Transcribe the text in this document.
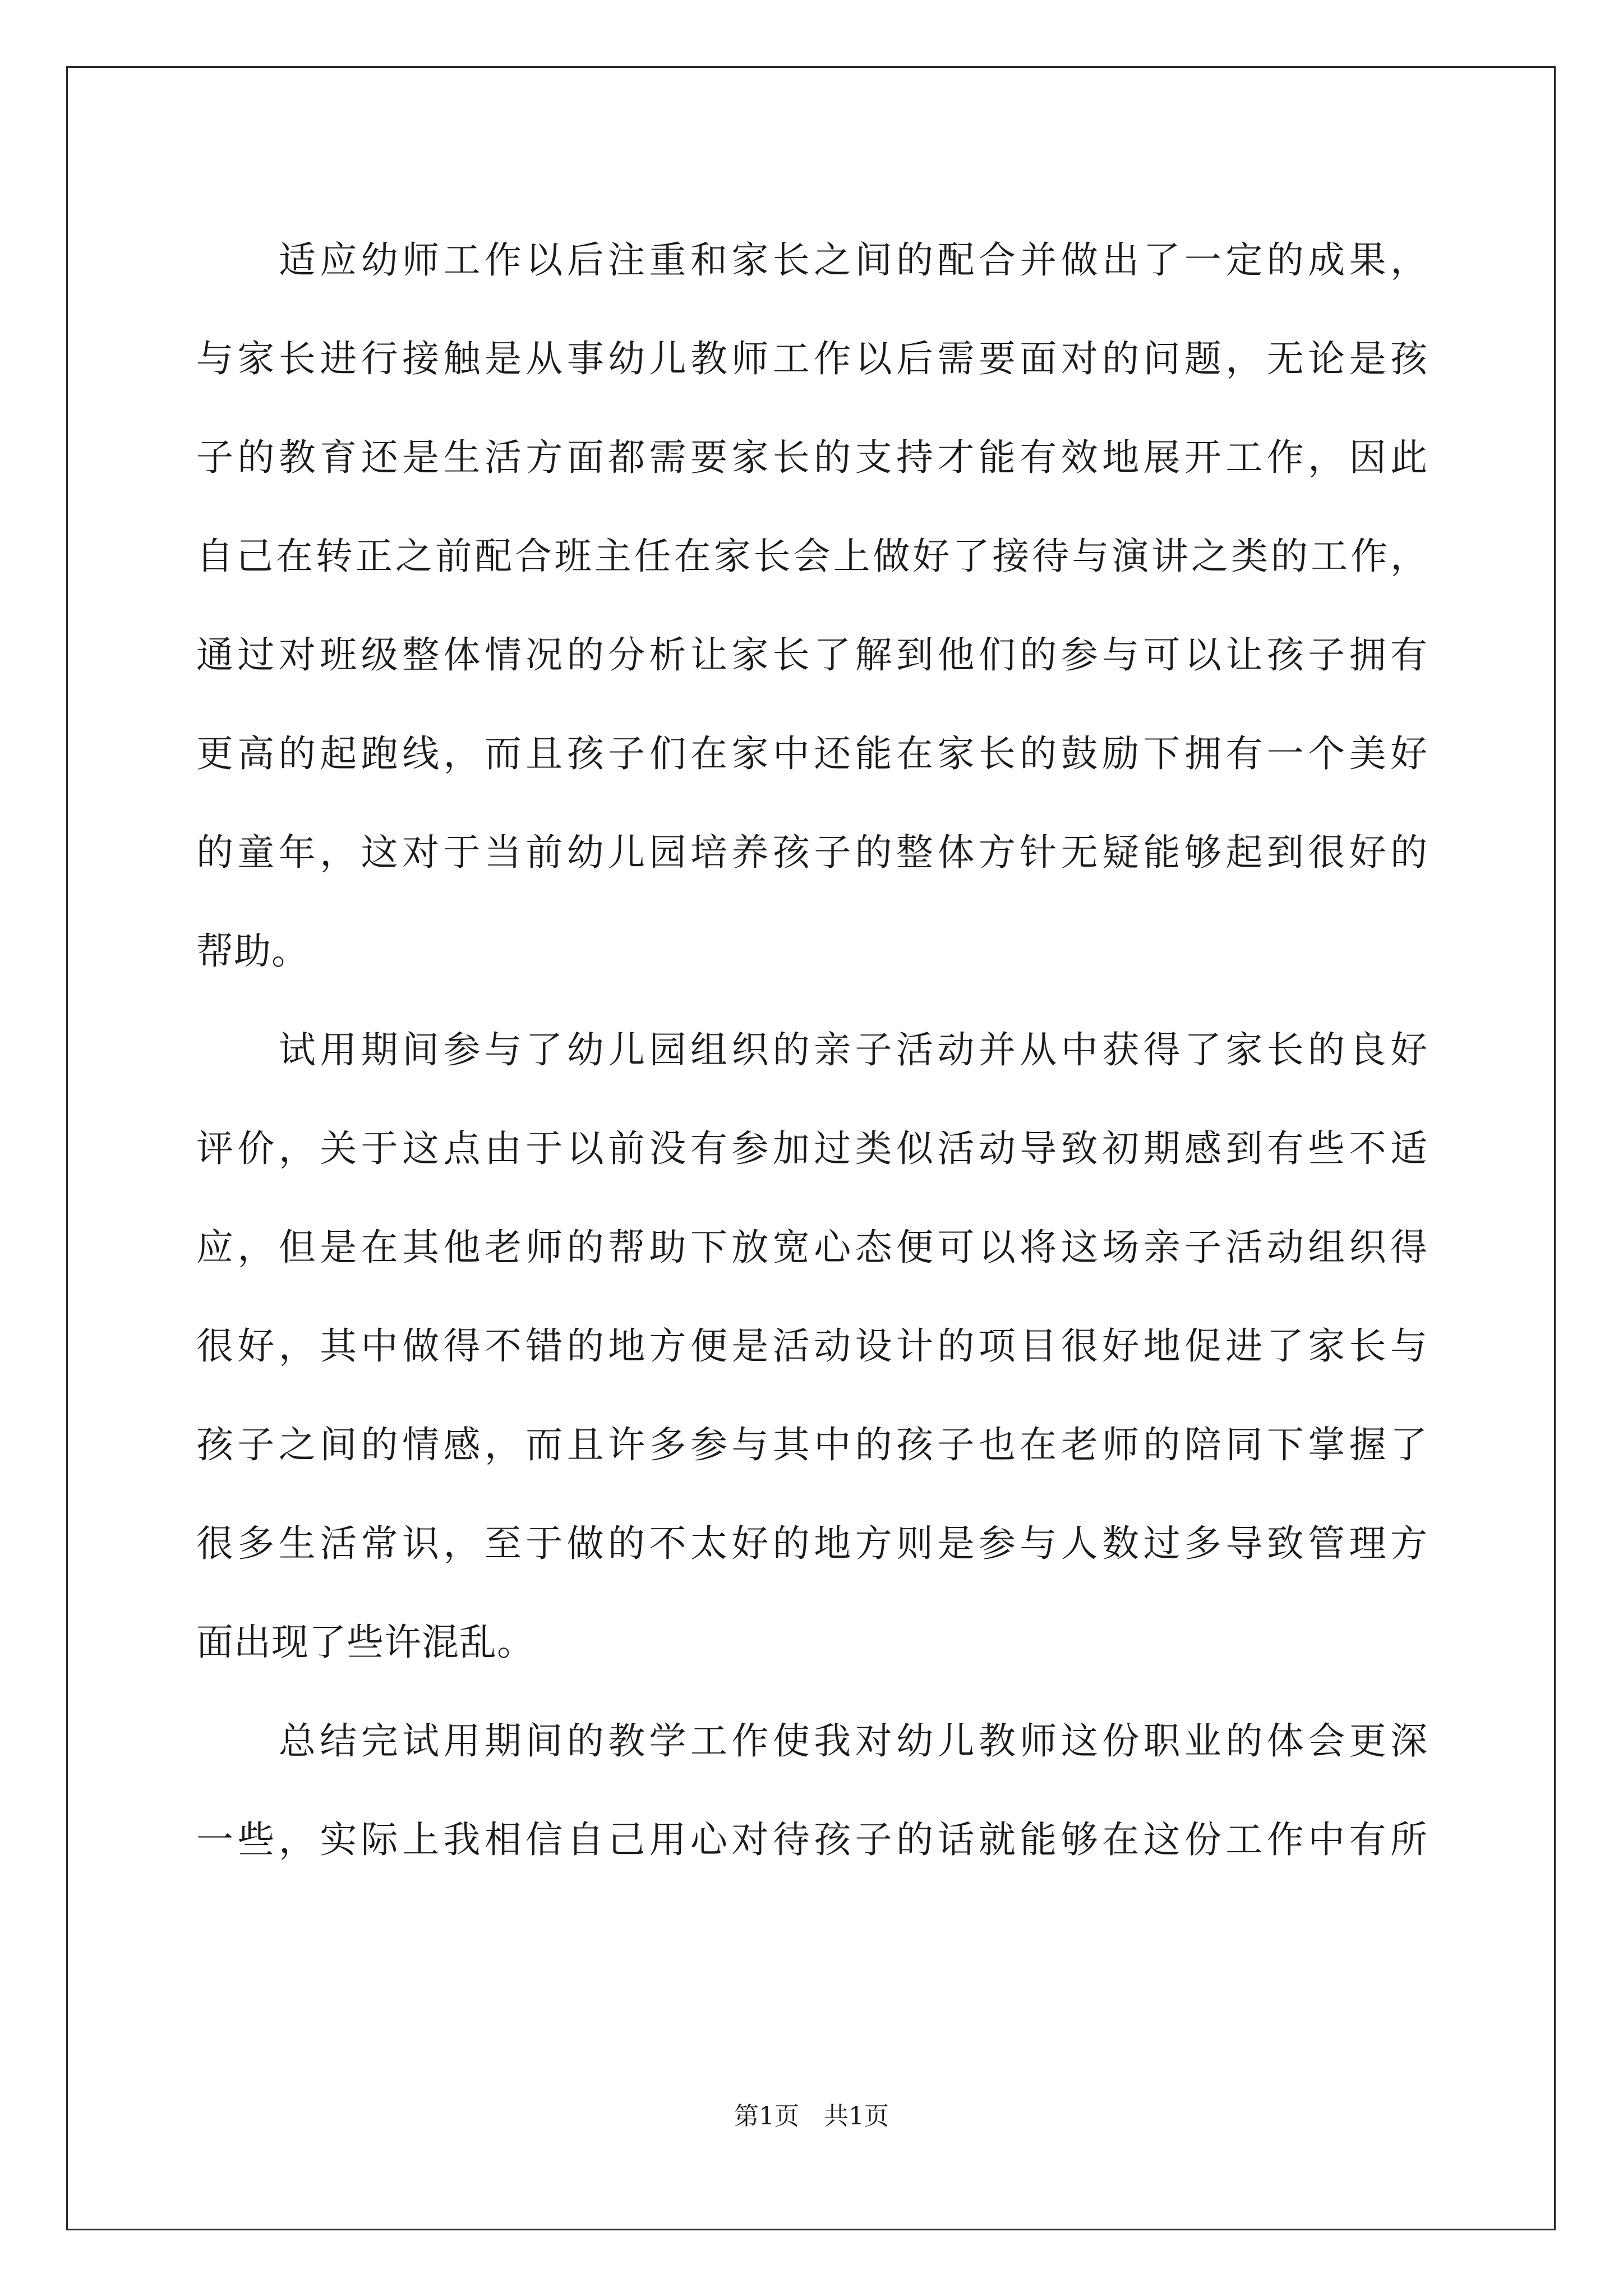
　　适应幼师工作以后注重和家长之间的配合并做出了一定的成果，
与家长进行接触是从事幼儿教师工作以后需要面对的问题，无论是孩
子的教育还是生活方面都需要家长的支持才能有效地展开工作，因此
自己在转正之前配合班主任在家长会上做好了接待与演讲之类的工作，
通过对班级整体情况的分析让家长了解到他们的参与可以让孩子拥有
更高的起跑线，而且孩子们在家中还能在家长的鼓励下拥有一个美好
的童年，这对于当前幼儿园培养孩子的整体方针无疑能够起到很好的
帮助。
　　试用期间参与了幼儿园组织的亲子活动并从中获得了家长的良好
评价，关于这点由于以前没有参加过类似活动导致初期感到有些不适
应，但是在其他老师的帮助下放宽心态便可以将这场亲子活动组织得
很好，其中做得不错的地方便是活动设计的项目很好地促进了家长与
孩子之间的情感，而且许多参与其中的孩子也在老师的陪同下掌握了
很多生活常识，至于做的不太好的地方则是参与人数过多导致管理方
面出现了些许混乱。
　　总结完试用期间的教学工作使我对幼儿教师这份职业的体会更深
一些，实际上我相信自己用心对待孩子的话就能够在这份工作中有所
第1页　共1页
